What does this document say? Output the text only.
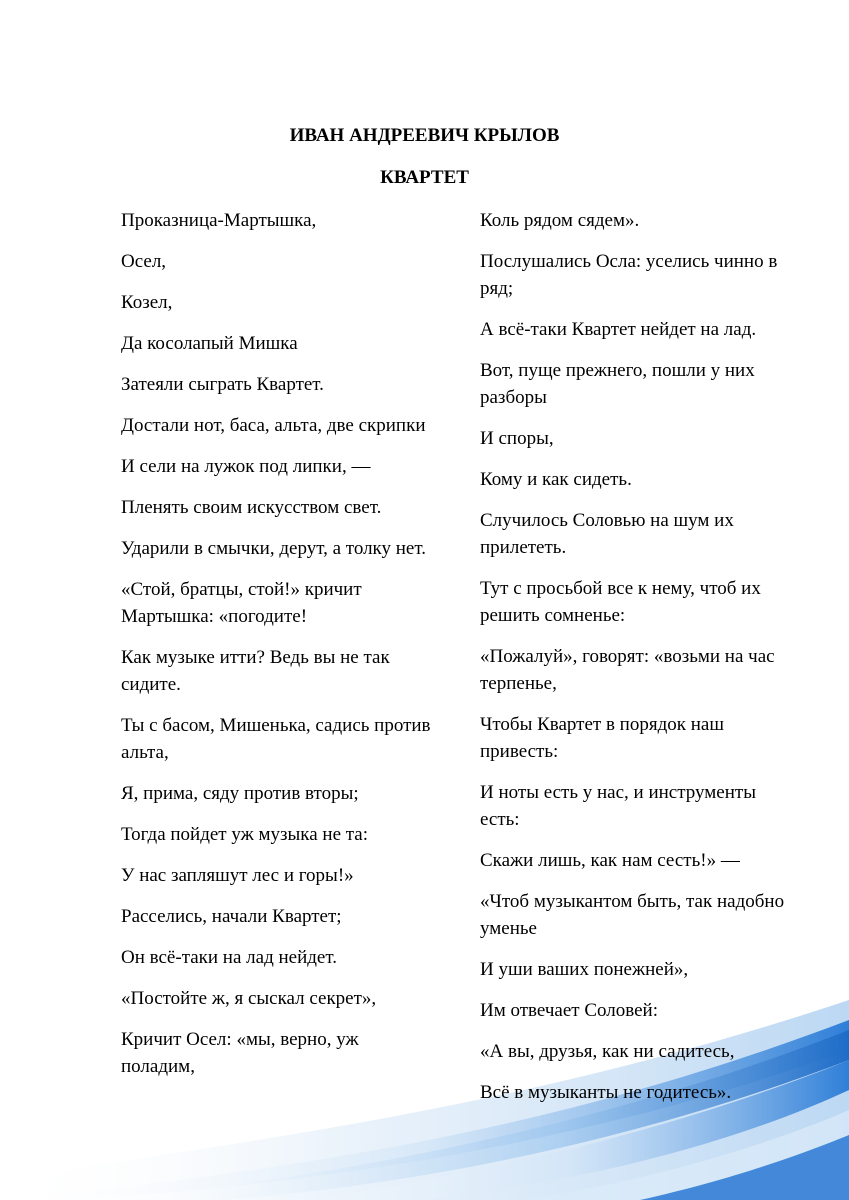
ИВАН АНДРЕЕВИЧ КРЫЛОВ

КВАРТЕТ

Проказница-Мартышка,

Осел,

Козел,

Да косолапый Мишка

Затеяли сыграть Квартет.

Достали нот, баса, альта, две скрипки

И сели на лужок под липки, —

Пленять своим искусством свет.

Ударили в смычки, дерут, а толку нет.

«Стой, братцы, стой!» кричит Мартышка: «погодите!

Как музыке итти? Ведь вы не так сидите.

Ты с басом, Мишенька, садись против альта,

Я, прима, сяду против вторы;

Тогда пойдет уж музыка не та:

У нас запляшут лес и горы!»

Расселись, начали Квартет;

Он всё-таки на лад нейдет.

«Постойте ж, я сыскал секрет»,

Кричит Осел: «мы, верно, уж поладим,

Коль рядом сядем».

Послушались Осла: уселись чинно в ряд;

А всё-таки Квартет нейдет на лад.

Вот, пуще прежнего, пошли у них разборы

И споры,

Кому и как сидеть.

Случилось Соловью на шум их прилететь.

Тут с просьбой все к нему, чтоб их решить сомненье:

«Пожалуй», говорят: «возьми на час терпенье,

Чтобы Квартет в порядок наш привесть:

И ноты есть у нас, и инструменты есть:

Скажи лишь, как нам сесть!» —

«Чтоб музыкантом быть, так надобно уменье

И уши ваших понежней»,

Им отвечает Соловей:

«А вы, друзья, как ни садитесь,

Всё в музыканты не годитесь».
